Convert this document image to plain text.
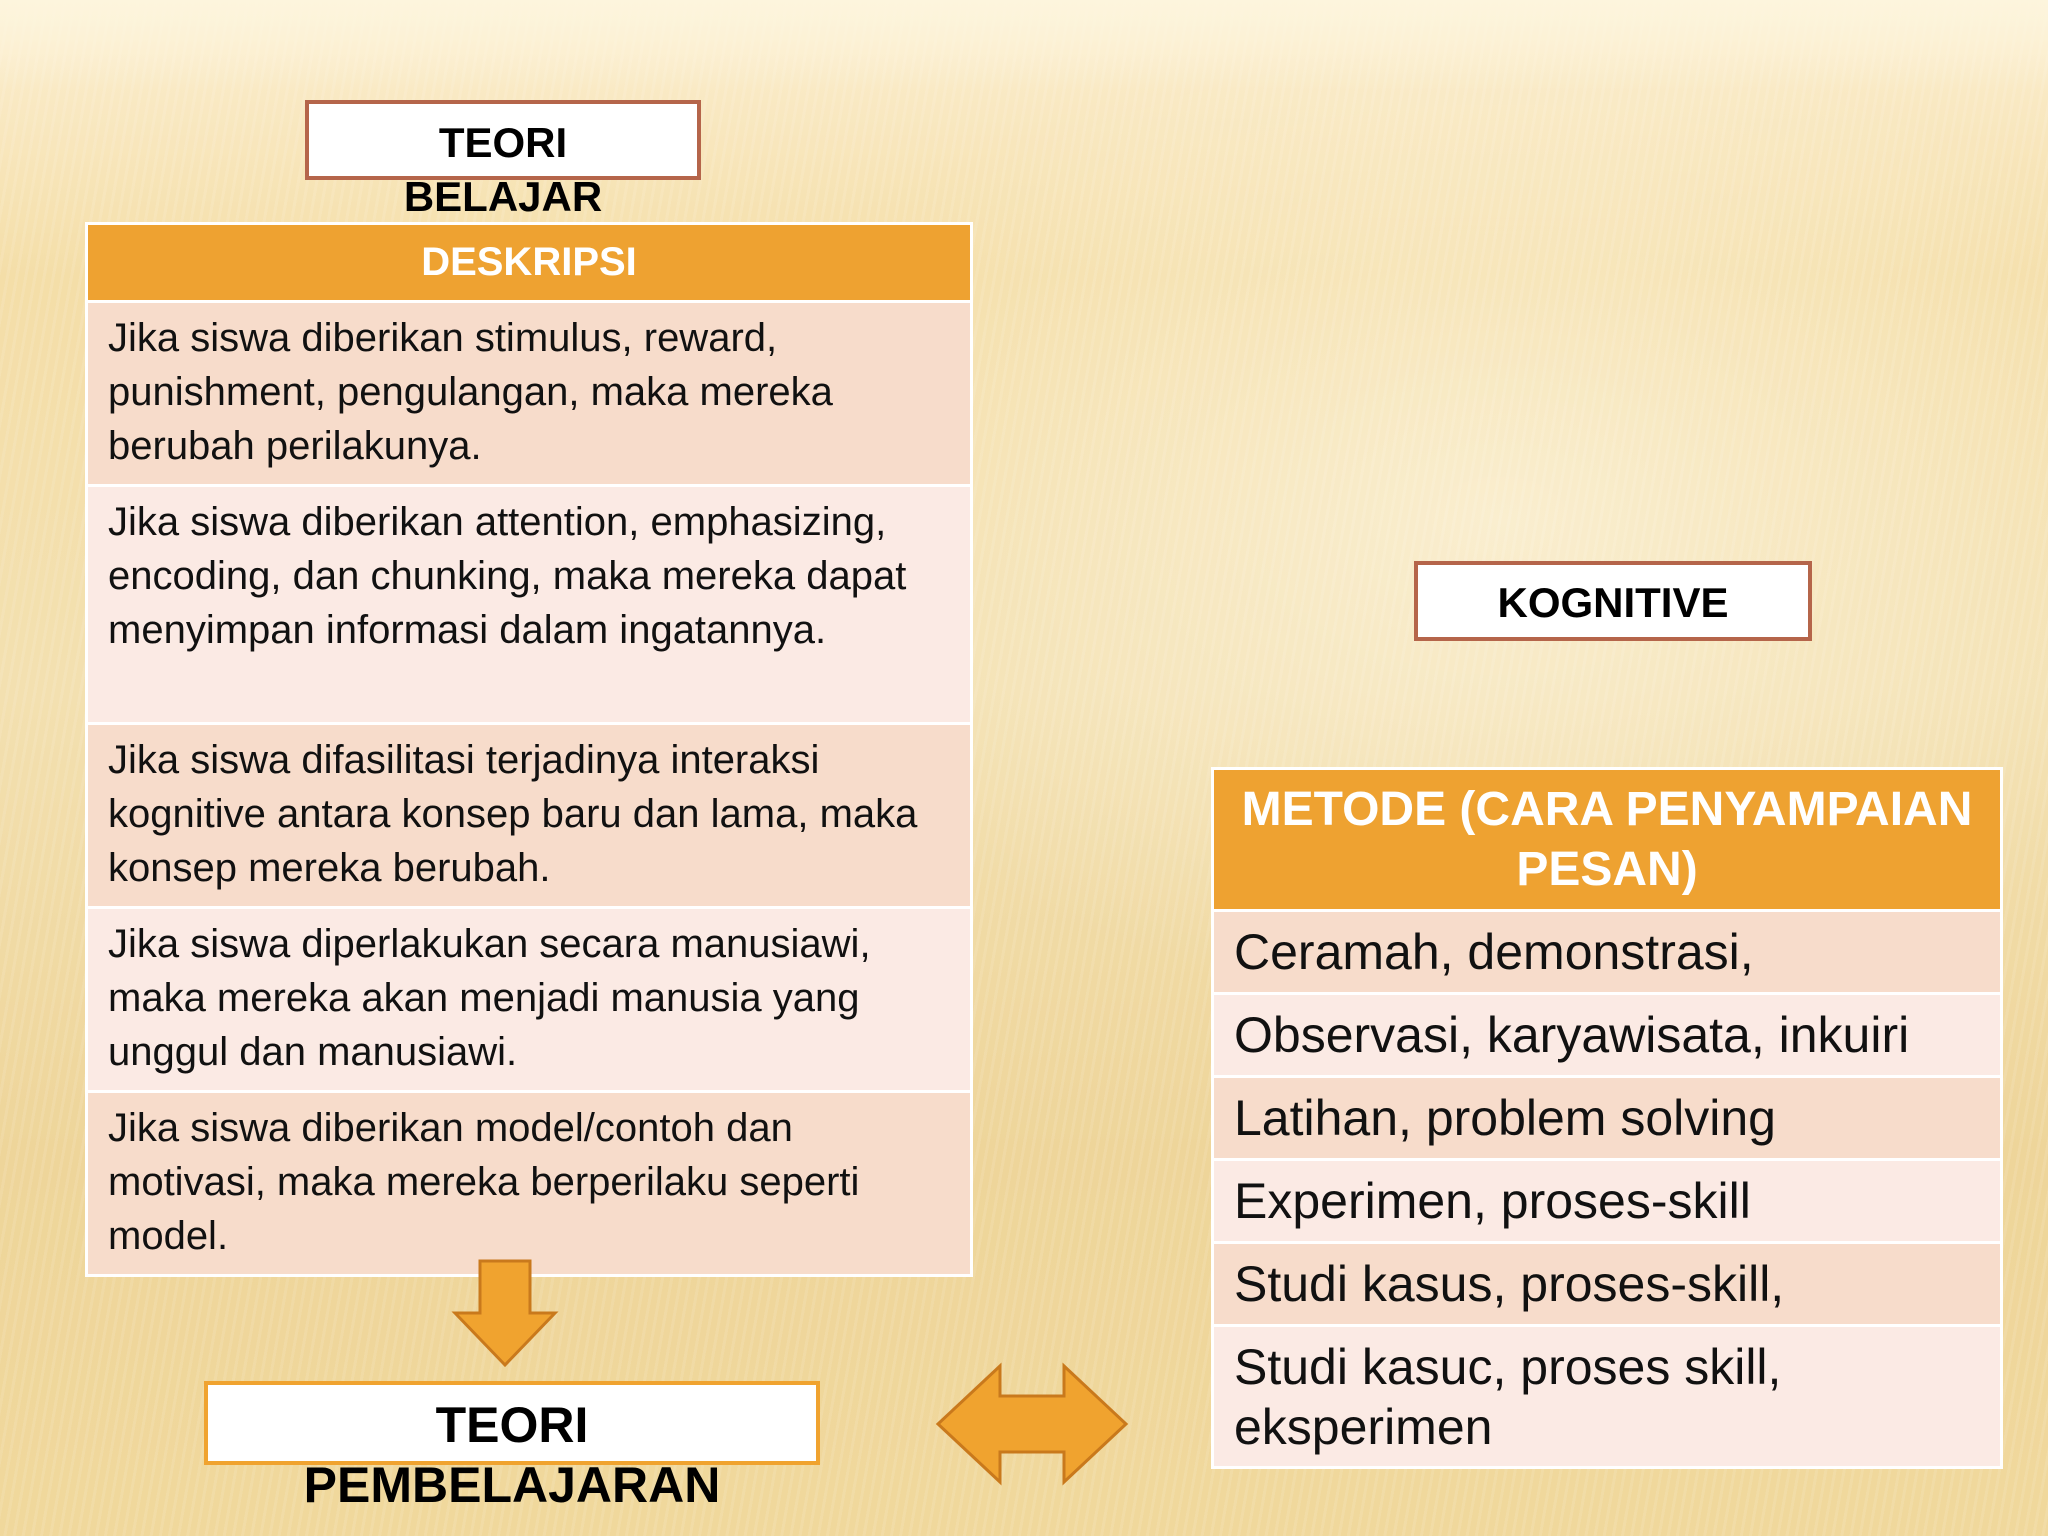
TEORI
BELAJAR
KOGNITIVE
DESKRIPSI
Jika siswa diberikan stimulus, reward, punishment, pengulangan, maka mereka berubah perilakunya.
Jika siswa diberikan attention, emphasizing, encoding, dan chunking, maka mereka dapat menyimpan informasi dalam ingatannya.
Jika siswa difasilitasi terjadinya interaksi kognitive antara konsep baru dan lama, maka konsep mereka berubah.
Jika siswa diperlakukan secara manusiawi, maka mereka akan menjadi manusia yang unggul dan manusiawi.
Jika siswa diberikan model/contoh dan motivasi, maka mereka berperilaku seperti model.
TEORI
PEMBELAJARAN
METODE (CARA PENYAMPAIAN PESAN)
Ceramah, demonstrasi,
Observasi, karyawisata, inkuiri
Latihan, problem solving
Experimen, proses-skill
Studi kasus, proses-skill,
Studi kasuc, proses skill, eksperimen
